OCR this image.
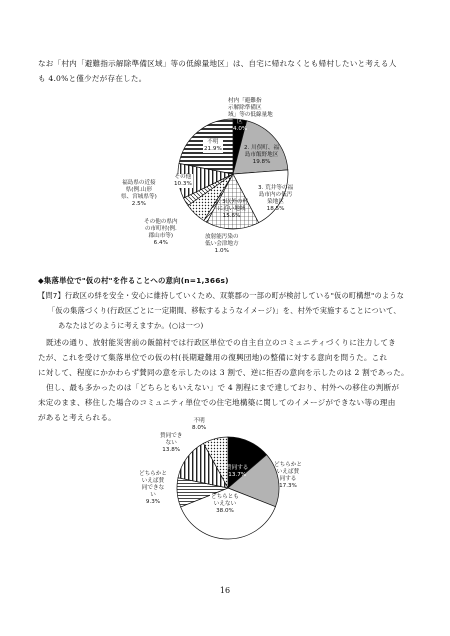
なお「村内「避難指示解除準備区域」等の低線量地区」は、自宅に帰れなくとも帰村したいと考える人
も 4.0%と僅少だが存在した。
村内「避難指
示解除準備区
域」等の低線量地
区
4.0%
2. 川俣町、福
島市飯野地区
19.8%
3. 荒井等の福
島市内の低汚
染地区
18.5%
2. 3以外の村
に近い地域
15.6%
放射能汚染の
低い会津地方
1.0%
その他の県内
の市町村(例.
郡山市等)
6.4%
福島県の近接
県(例.山形
県、宮城県等)
2.5%
その他
10.3%
不明
21.9%
◆集落単位で"仮の村"を作ることへの意向(n=1,366s)
【問7】行政区の絆を安全・安心に維持していくため、双葉郡の一部の町が検討している"仮の町構想"のような
「仮の集落づくり(行政区ごとに一定期間、移転するようなイメージ)」を、村外で実施することについて、
あなたはどのように考えますか。(○は一つ)
既述の通り、放射能災害前の飯舘村では行政区単位での自主自立のコミュニティづくりに注力してき
たが、これを受けて集落単位での仮の村(長期避難用の復興団地)の整備に対する意向を問うた。これ
に対して、程度にかかわらず賛同の意を示したのは 3 割で、逆に拒否の意向を示したのは 2 割であった。
但し、最も多かったのは「どちらともいえない」で 4 割程にまで達しており、村外への移住の判断が
未定のまま、移住した場合のコミュニティ単位での住宅地構築に関してのイメージができない等の理由
があると考えられる。
賛同する
13.7%
どちらかと
いえば賛
同する
17.3%
どちらとも
いえない
38.0%
どちらかと
いえば賛
同できな
い
9.3%
賛同でき
ない
13.8%
不明
8.0%
16
